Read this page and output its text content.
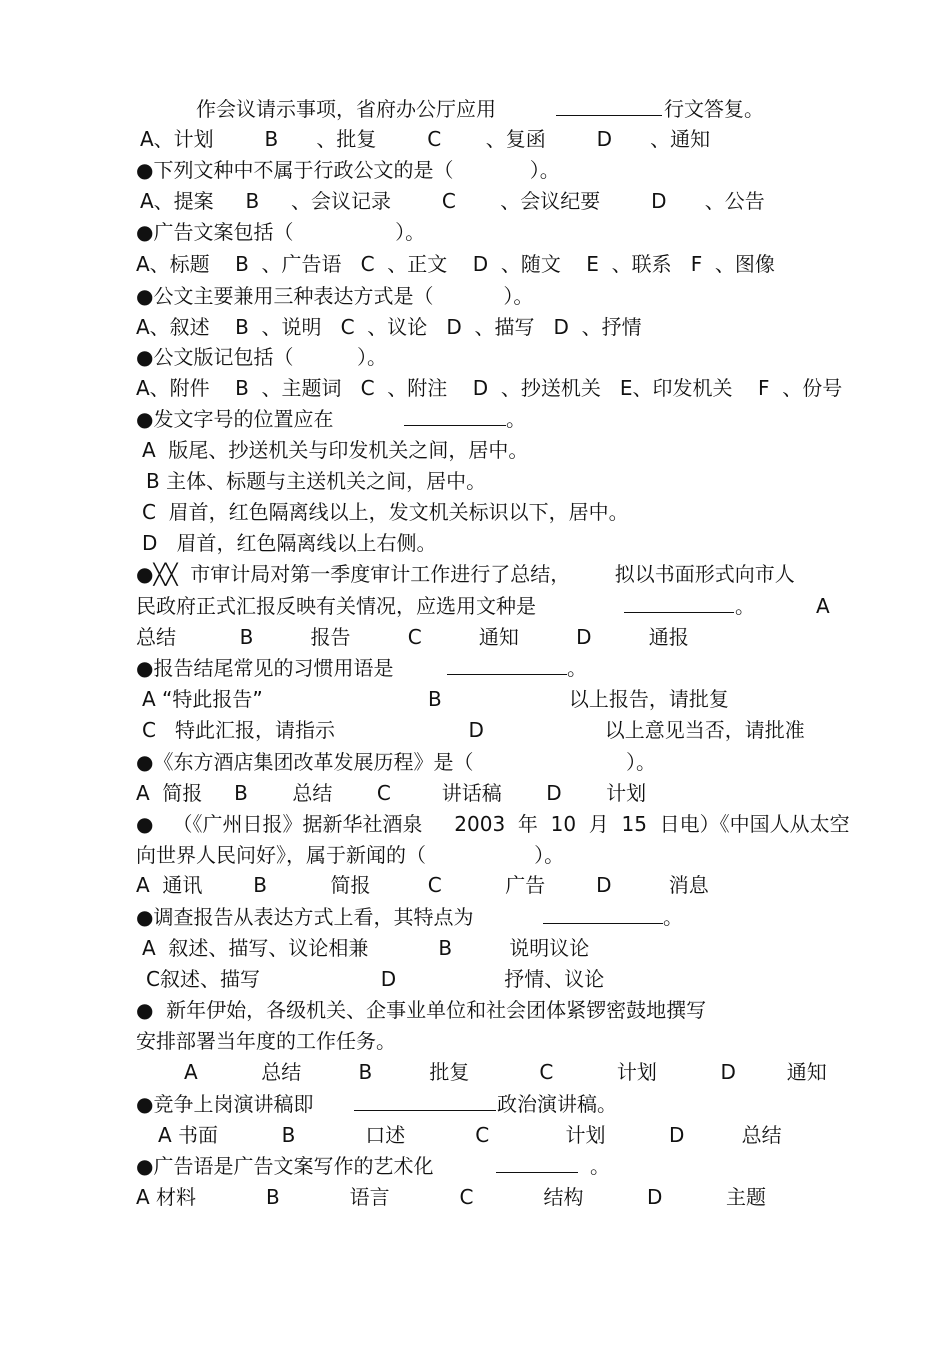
作会议请示事项，省府办公厅应用	行文答复。
A、计划        B      、批复        C       、复函        D      、通知
●下列文种中不属于行政公文的是（            ）。
A、提案     B     、会议记录        C       、会议纪要        D      、公告
●广告文案包括（                ）。
A、标题    B  、广告语   C  、正文    D  、随文    E  、联系   F  、图像
●公文主要兼用三种表达方式是（           ）。
A、叙述    B  、说明   C  、议论   D  、描写   D  、抒情
●公文版记包括（          ）。
A、附件    B  、主题词   C  、附注    D  、抄送机关   E、印发机关    F  、份号
●发文字号的位置应在	。
A  版尾、抄送机关与印发机关之间，居中。
B 主体、标题与主送机关之间，居中。
C  眉首，红色隔离线以上，发文机关标识以下，居中。
D   眉首，红色隔离线以上右侧。
●╳╳  市审计局对第一季度审计工作进行了总结，       拟以书面形式向市人
民政府正式汇报反映有关情况，应选用文种是	。	A
总结          B         报告         C         通知         D         通报
●报告结尾常见的习惯用语是	。
A “特此报告”                          B                    以上报告，请批复
C   特此汇报，请指示                     D                   以上意见当否，请批准
●《东方酒店集团改革发展历程》是（                        ）。
A  简报     B       总结       C        讲话稿       D       计划
●   （《广州日报》据新华社酒泉     2003  年  10  月  15  日电）《中国人从太空
向世界人民问好》，属于新闻的（                 ）。
A  通讯        B          简报         C          广告        D         消息
●调查报告从表达方式上看，其特点为	。
A  叙述、描写、议论相兼           B         说明议论
C叙述、描写                   D                 抒情、议论
●  新年伊始，各级机关、企事业单位和社会团体紧锣密鼓地撰写
安排部署当年度的工作任务。
A          总结         B         批复           C          计划          D        通知
●竞争上岗演讲稿即	政治演讲稿。
A 书面          B           口述           C            计划          D         总结
●广告语是广告文案写作的艺术化	。
A 材料           B           语言           C           结构          D          主题
